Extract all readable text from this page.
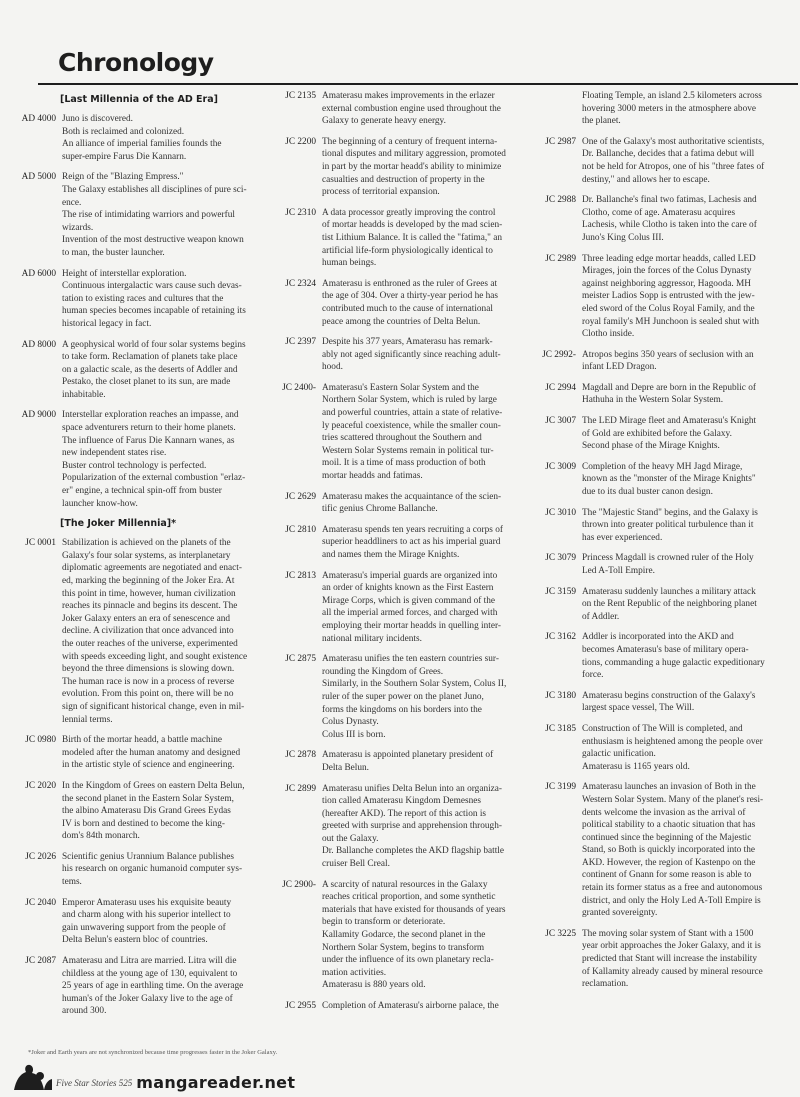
Chronology
[Last Millennia of the AD Era]
AD 4000 Juno is discovered.
Both is reclaimed and colonized.
An alliance of imperial families founds the
super-empire Farus Die Kannarn.
AD 5000 Reign of the "Blazing Empress."
The Galaxy establishes all disciplines of pure sci-
ence.
The rise of intimidating warriors and powerful
wizards.
Invention of the most destructive weapon known
to man, the buster launcher.
AD 6000 Height of interstellar exploration.
Continuous intergalactic wars cause such devas-
tation to existing races and cultures that the
human species becomes incapable of retaining its
historical legacy in fact.
AD 8000 A geophysical world of four solar systems begins
to take form. Reclamation of planets take place
on a galactic scale, as the deserts of Addler and
Pestako, the closet planet to its sun, are made
inhabitable.
AD 9000 Interstellar exploration reaches an impasse, and
space adventurers return to their home planets.
The influence of Farus Die Kannarn wanes, as
new independent states rise.
Buster control technology is perfected.
Popularization of the external combustion "erlaz-
er" engine, a technical spin-off from buster
launcher know-how.
[The Joker Millennia]*
JC 0001 Stabilization is achieved on the planets of the
Galaxy's four solar systems, as interplanetary
diplomatic agreements are negotiated and enact-
ed, marking the beginning of the Joker Era. At
this point in time, however, human civilization
reaches its pinnacle and begins its descent. The
Joker Galaxy enters an era of senescence and
decline. A civilization that once advanced into
the outer reaches of the universe, experimented
with speeds exceeding light, and sought existence
beyond the three dimensions is slowing down.
The human race is now in a process of reverse
evolution. From this point on, there will be no
sign of significant historical change, even in mil-
lennial terms.
JC 0980 Birth of the mortar headd, a battle machine
modeled after the human anatomy and designed
in the artistic style of science and engineering.
JC 2020 In the Kingdom of Grees on eastern Delta Belun,
the second planet in the Eastern Solar System,
the albino Amaterasu Dis Grand Grees Eydas
IV is born and destined to become the king-
dom's 84th monarch.
JC 2026 Scientific genius Urannium Balance publishes
his research on organic humanoid computer sys-
tems.
JC 2040 Emperor Amaterasu uses his exquisite beauty
and charm along with his superior intellect to
gain unwavering support from the people of
Delta Belun's eastern bloc of countries.
JC 2087 Amaterasu and Litra are married. Litra will die
childless at the young age of 130, equivalent to
25 years of age in earthling time. On the average
human's of the Joker Galaxy live to the age of
around 300.
JC 2135 Amaterasu makes improvements in the erlazer
external combustion engine used throughout the
Galaxy to generate heavy energy.
JC 2200 The beginning of a century of frequent interna-
tional disputes and military aggression, promoted
in part by the mortar headd's ability to minimize
casualties and destruction of property in the
process of territorial expansion.
JC 2310 A data processor greatly improving the control
of mortar headds is developed by the mad scien-
tist Lithium Balance. It is called the "fatima," an
artificial life-form physiologically identical to
human beings.
JC 2324 Amaterasu is enthroned as the ruler of Grees at
the age of 304. Over a thirty-year period he has
contributed much to the cause of international
peace among the countries of Delta Belun.
JC 2397 Despite his 377 years, Amaterasu has remark-
ably not aged significantly since reaching adult-
hood.
JC 2400- Amaterasu's Eastern Solar System and the
Northern Solar System, which is ruled by large
and powerful countries, attain a state of relative-
ly peaceful coexistence, while the smaller coun-
tries scattered throughout the Southern and
Western Solar Systems remain in political tur-
moil. It is a time of mass production of both
mortar headds and fatimas.
JC 2629 Amaterasu makes the acquaintance of the scien-
tific genius Chrome Ballanche.
JC 2810 Amaterasu spends ten years recruiting a corps of
superior headdliners to act as his imperial guard
and names them the Mirage Knights.
JC 2813 Amaterasu's imperial guards are organized into
an order of knights known as the First Eastern
Mirage Corps, which is given command of the
all the imperial armed forces, and charged with
employing their mortar headds in quelling inter-
national military incidents.
JC 2875 Amaterasu unifies the ten eastern countries sur-
rounding the Kingdom of Grees.
Similarly, in the Southern Solar System, Colus II,
ruler of the super power on the planet Juno,
forms the kingdoms on his borders into the
Colus Dynasty.
Colus III is born.
JC 2878 Amaterasu is appointed planetary president of
Delta Belun.
JC 2899 Amaterasu unifies Delta Belun into an organiza-
tion called Amaterasu Kingdom Demesnes
(hereafter AKD). The report of this action is
greeted with surprise and apprehension through-
out the Galaxy.
Dr. Ballanche completes the AKD flagship battle
cruiser Bell Creal.
JC 2900- A scarcity of natural resources in the Galaxy
reaches critical proportion, and some synthetic
materials that have existed for thousands of years
begin to transform or deteriorate.
Kallamity Godarce, the second planet in the
Northern Solar System, begins to transform
under the influence of its own planetary recla-
mation activities.
Amaterasu is 880 years old.
JC 2955 Completion of Amaterasu's airborne palace, the
Floating Temple, an island 2.5 kilometers across
hovering 3000 meters in the atmosphere above
the planet.
JC 2987 One of the Galaxy's most authoritative scientists,
Dr. Ballanche, decides that a fatima debut will
not be held for Atropos, one of his "three fates of
destiny," and allows her to escape.
JC 2988 Dr. Ballanche's final two fatimas, Lachesis and
Clotho, come of age. Amaterasu acquires
Lachesis, while Clotho is taken into the care of
Juno's King Colus III.
JC 2989 Three leading edge mortar headds, called LED
Mirages, join the forces of the Colus Dynasty
against neighboring aggressor, Hagooda. MH
meister Ladios Sopp is entrusted with the jew-
eled sword of the Colus Royal Family, and the
royal family's MH Junchoon is sealed shut with
Clotho inside.
JC 2992- Atropos begins 350 years of seclusion with an
infant LED Dragon.
JC 2994 Magdall and Depre are born in the Republic of
Hathuha in the Western Solar System.
JC 3007 The LED Mirage fleet and Amaterasu's Knight
of Gold are exhibited before the Galaxy.
Second phase of the Mirage Knights.
JC 3009 Completion of the heavy MH Jagd Mirage,
known as the "monster of the Mirage Knights"
due to its dual buster canon design.
JC 3010 The "Majestic Stand" begins, and the Galaxy is
thrown into greater political turbulence than it
has ever experienced.
JC 3079 Princess Magdall is crowned ruler of the Holy
Led A-Toll Empire.
JC 3159 Amaterasu suddenly launches a military attack
on the Rent Republic of the neighboring planet
of Addler.
JC 3162 Addler is incorporated into the AKD and
becomes Amaterasu's base of military opera-
tions, commanding a huge galactic expeditionary
force.
JC 3180 Amaterasu begins construction of the Galaxy's
largest space vessel, The Will.
JC 3185 Construction of The Will is completed, and
enthusiasm is heightened among the people over
galactic unification.
Amaterasu is 1165 years old.
JC 3199 Amaterasu launches an invasion of Both in the
Western Solar System. Many of the planet's resi-
dents welcome the invasion as the arrival of
political stability to a chaotic situation that has
continued since the beginning of the Majestic
Stand, so Both is quickly incorporated into the
AKD. However, the region of Kastenpo on the
continent of Gnann for some reason is able to
retain its former status as a free and autonomous
district, and only the Holy Led A-Toll Empire is
granted sovereignty.
JC 3225 The moving solar system of Stant with a 1500
year orbit approaches the Joker Galaxy, and it is
predicted that Stant will increase the instability
of Kallamity already caused by mineral resource
reclamation.
*Joker and Earth years are not synchronized because time progresses faster in the Joker Galaxy.
Five Star Stories 525 mangareader.net
